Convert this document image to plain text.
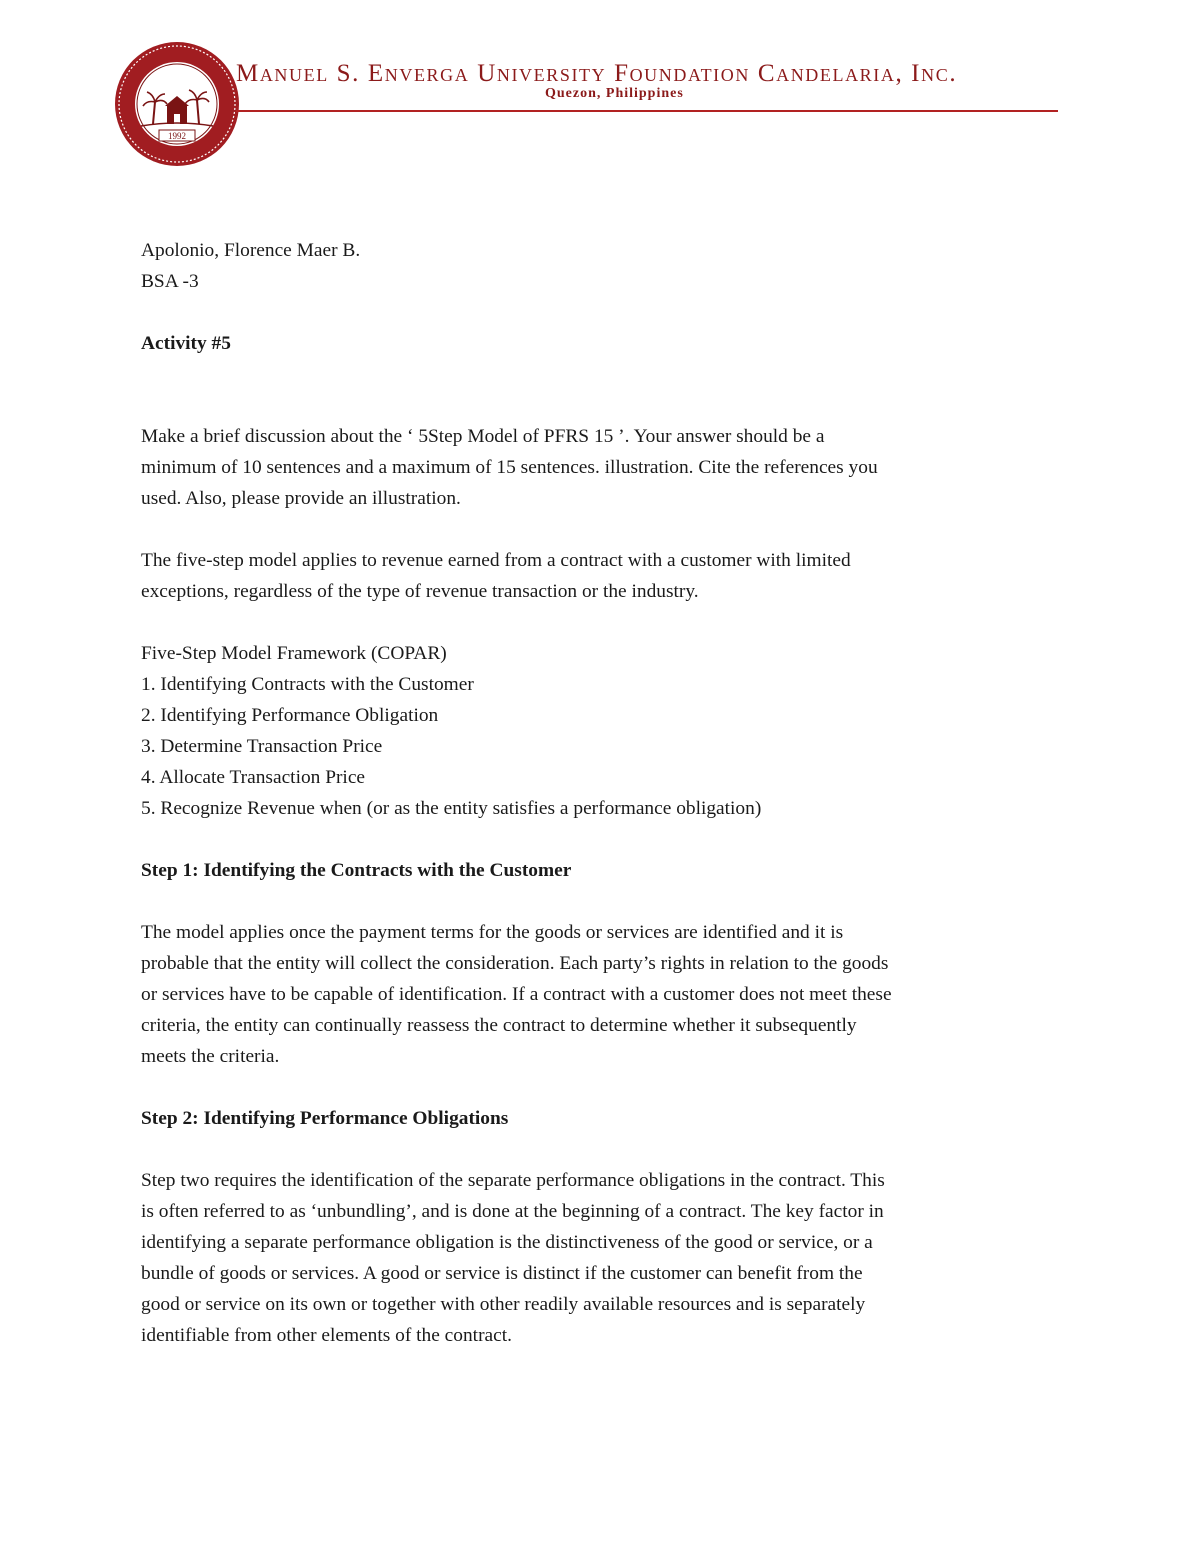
1992
Manuel S. Enverga University Foundation Candelaria, Inc.
Quezon, Philippines

Apolonio, Florence Maer B.

BSA -3

Activity #5

Make a brief discussion about the ‘ 5Step Model of PFRS 15 ’. Your answer should be a

minimum of 10 sentences and a maximum of 15 sentences. illustration. Cite the references you

used. Also, please provide an illustration.

The five-step model applies to revenue earned from a contract with a customer with limited

exceptions, regardless of the type of revenue transaction or the industry.

Five-Step Model Framework (COPAR)

1. Identifying Contracts with the Customer

2. Identifying Performance Obligation

3. Determine Transaction Price

4. Allocate Transaction Price

5. Recognize Revenue when (or as the entity satisfies a performance obligation)

Step 1: Identifying the Contracts with the Customer

The model applies once the payment terms for the goods or services are identified and it is

probable that the entity will collect the consideration. Each party’s rights in relation to the goods

or services have to be capable of identification. If a contract with a customer does not meet these

criteria, the entity can continually reassess the contract to determine whether it subsequently

meets the criteria.

Step 2: Identifying Performance Obligations

Step two requires the identification of the separate performance obligations in the contract. This

is often referred to as ‘unbundling’, and is done at the beginning of a contract. The key factor in

identifying a separate performance obligation is the distinctiveness of the good or service, or a

bundle of goods or services. A good or service is distinct if the customer can benefit from the

good or service on its own or together with other readily available resources and is separately

identifiable from other elements of the contract.
